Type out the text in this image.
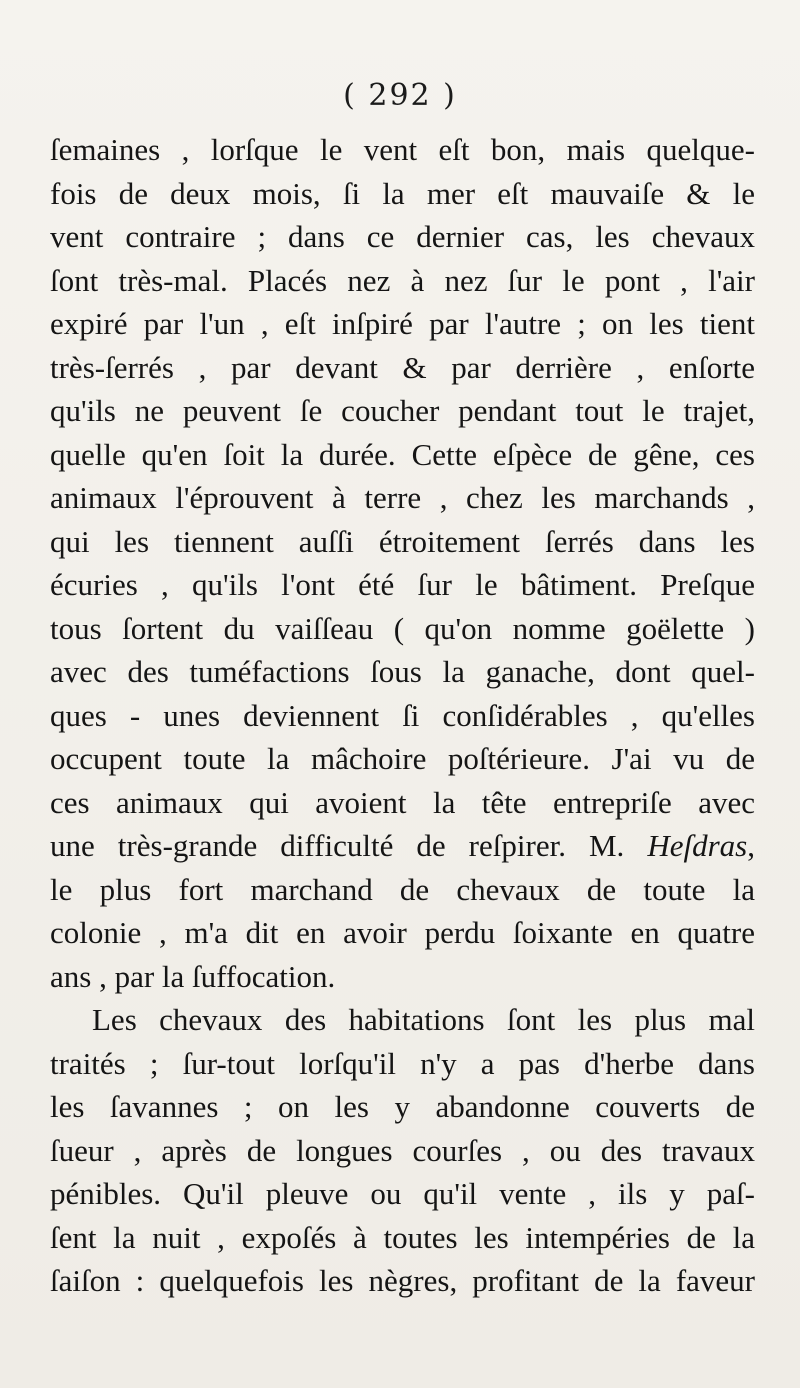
( 292 )
ſemaines , lorſque le vent eſt bon, mais quelque-
fois de deux mois, ſi la mer eſt mauvaiſe & le
vent contraire ; dans ce dernier cas, les chevaux
ſont très-mal. Placés nez à nez ſur le pont , l'air
expiré par l'un , eſt inſpiré par l'autre ; on les tient
très-ſerrés , par devant & par derrière , enſorte
qu'ils ne peuvent ſe coucher pendant tout le trajet,
quelle qu'en ſoit la durée. Cette eſpèce de gêne, ces
animaux l'éprouvent à terre , chez les marchands ,
qui les tiennent auſſi étroitement ſerrés dans les
écuries , qu'ils l'ont été ſur le bâtiment. Preſque
tous ſortent du vaiſſeau ( qu'on nomme goëlette )
avec des tuméfactions ſous la ganache, dont quel-
ques - unes deviennent ſi conſidérables , qu'elles
occupent toute la mâchoire poſtérieure. J'ai vu de
ces animaux qui avoient la tête entrepriſe avec
une très-grande difficulté de reſpirer. M. Heſdras,
le plus fort marchand de chevaux de toute la
colonie , m'a dit en avoir perdu ſoixante en quatre
ans , par la ſuffocation.
Les chevaux des habitations ſont les plus mal
traités ; ſur-tout lorſqu'il n'y a pas d'herbe dans
les ſavannes ; on les y abandonne couverts de
ſueur , après de longues courſes , ou des travaux
pénibles. Qu'il pleuve ou qu'il vente , ils y paſ-
ſent la nuit , expoſés à toutes les intempéries de la
ſaiſon : quelquefois les nègres, profitant de la faveur
